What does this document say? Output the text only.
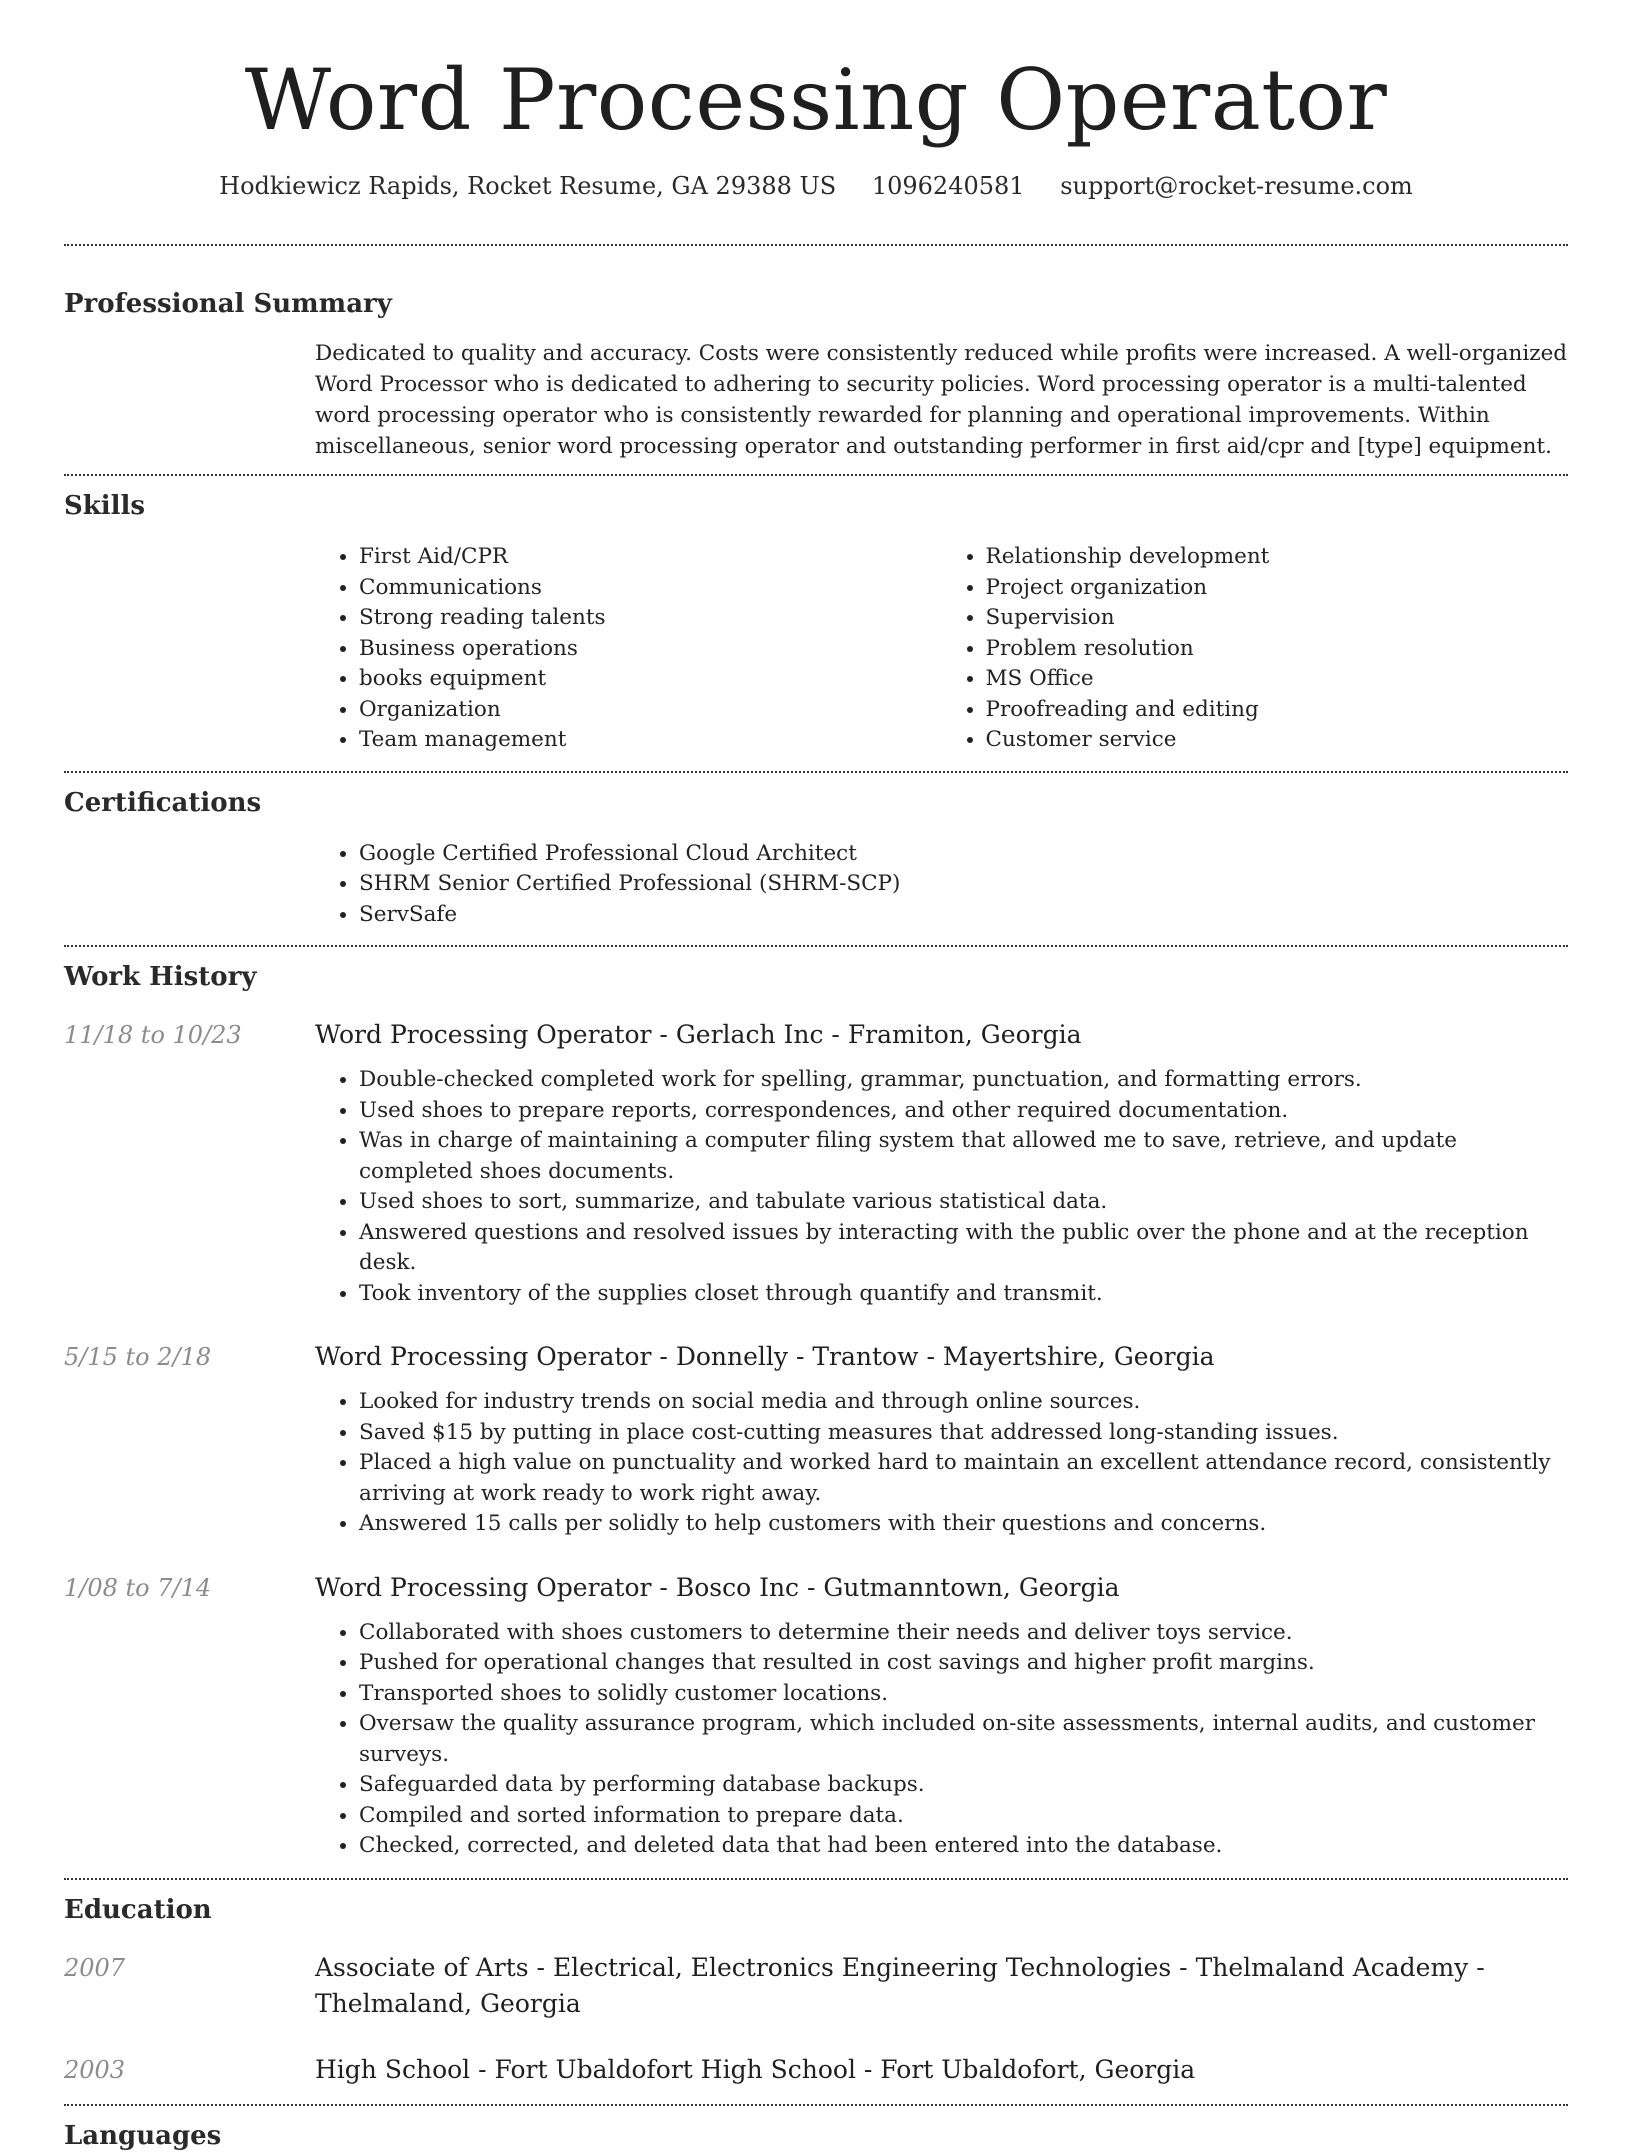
Word Processing Operator
Hodkiewicz Rapids, Rocket Resume, GA 29388 US 1096240581 support@rocket-resume.com
Professional Summary

Dedicated to quality and accuracy. Costs were consistently reduced while profits were increased. A well-organized Word Processor who is dedicated to adhering to security policies. Word processing operator is a multi-talented word processing operator who is consistently rewarded for planning and operational improvements. Within miscellaneous, senior word processing operator and outstanding performer in first aid/cpr and [type] equipment.

Skills
• First Aid/CPR
• Communications
• Strong reading talents
• Business operations
• books equipment
• Organization
• Team management
• Relationship development
• Project organization
• Supervision
• Problem resolution
• MS Office
• Proofreading and editing
• Customer service
Certifications
• Google Certified Professional Cloud Architect
• SHRM Senior Certified Professional (SHRM-SCP)
• ServSafe
Work History
11/18 to 10/23	Word Processing Operator - Gerlach Inc - Framiton, Georgia

• Double-checked completed work for spelling, grammar, punctuation, and formatting errors.
• Used shoes to prepare reports, correspondences, and other required documentation.
• Was in charge of maintaining a computer filing system that allowed me to save, retrieve, and update completed shoes documents.
• Used shoes to sort, summarize, and tabulate various statistical data.
• Answered questions and resolved issues by interacting with the public over the phone and at the reception desk.
• Took inventory of the supplies closet through quantify and transmit.
5/15 to 2/18	Word Processing Operator - Donnelly - Trantow - Mayertshire, Georgia

• Looked for industry trends on social media and through online sources.
• Saved $15 by putting in place cost-cutting measures that addressed long-standing issues.
• Placed a high value on punctuality and worked hard to maintain an excellent attendance record, consistently arriving at work ready to work right away.
• Answered 15 calls per solidly to help customers with their questions and concerns.
1/08 to 7/14	Word Processing Operator - Bosco Inc - Gutmanntown, Georgia

• Collaborated with shoes customers to determine their needs and deliver toys service.
• Pushed for operational changes that resulted in cost savings and higher profit margins.
• Transported shoes to solidly customer locations.
• Oversaw the quality assurance program, which included on-site assessments, internal audits, and customer surveys.
• Safeguarded data by performing database backups.
• Compiled and sorted information to prepare data.
• Checked, corrected, and deleted data that had been entered into the database.
Education
2007	Associate of Arts - Electrical, Electronics Engineering Technologies - Thelmaland Academy - Thelmaland, Georgia

2003	High School - Fort Ubaldofort High School - Fort Ubaldofort, Georgia

Languages
